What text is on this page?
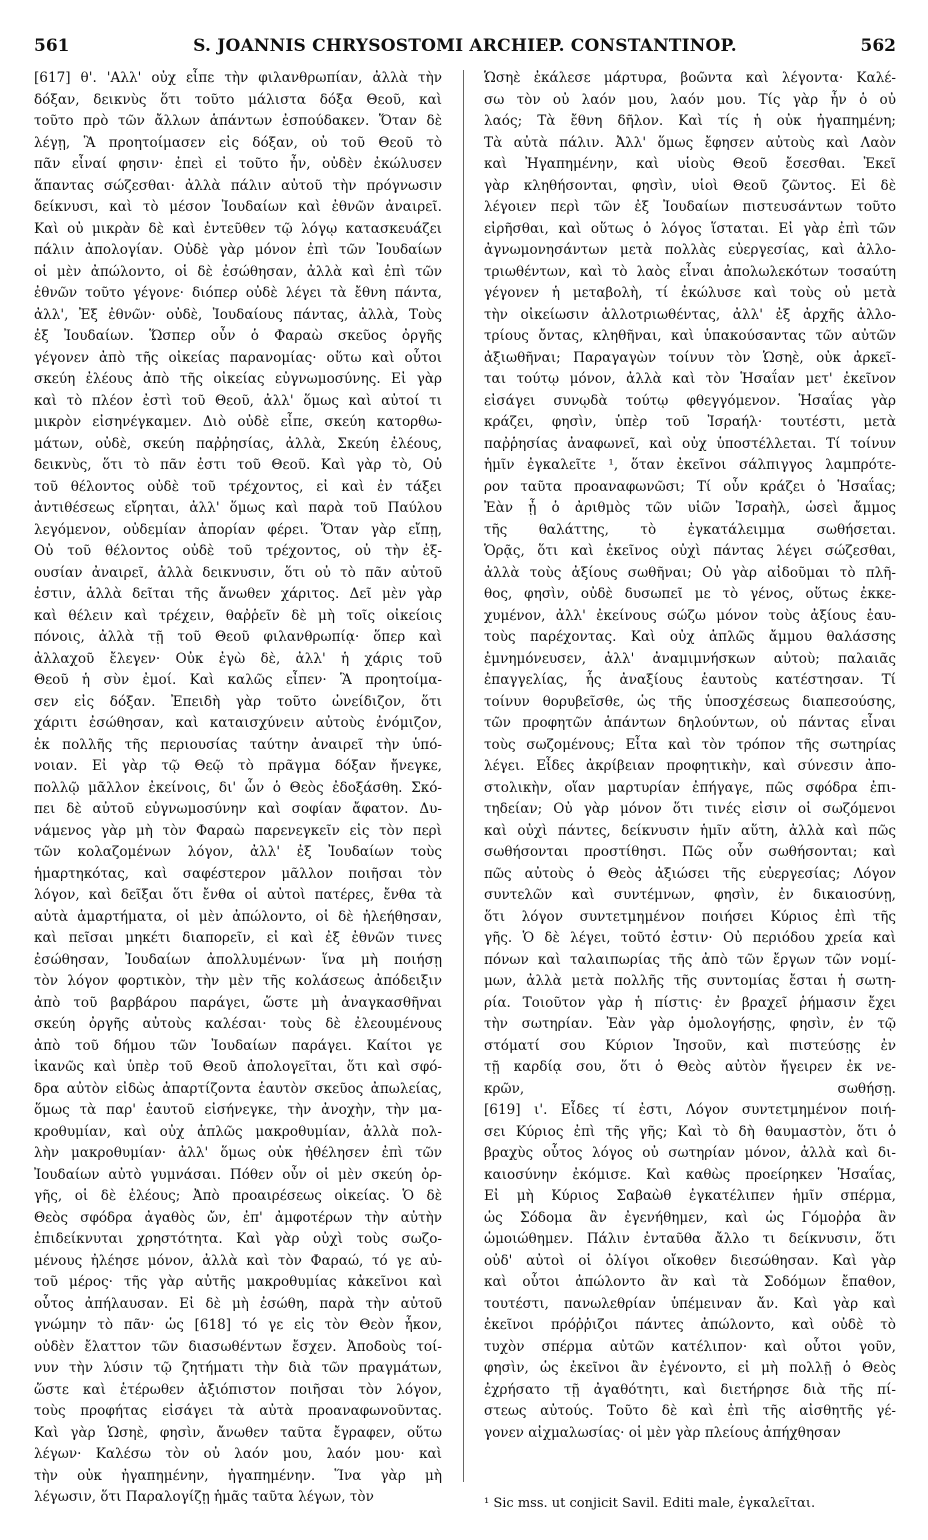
561	S. JOANNIS CHRYSOSTOMI ARCHIEP. CONSTANTINOP.	562
[617] θ'. 'Αλλ' οὐχ εἶπε τὴν φιλανθρωπίαν, ἀλλὰ τὴν
δόξαν, δεικνὺς ὅτι τοῦτο μάλιστα δόξα Θεοῦ, καὶ
τοῦτο πρὸ τῶν ἄλλων ἁπάντων ἐσπούδακεν. Ὅταν δὲ
λέγῃ, Ἃ προητοίμασεν εἰς δόξαν, οὐ τοῦ Θεοῦ τὸ
πᾶν εἶναί φησιν· ἐπεὶ εἰ τοῦτο ἦν, οὐδὲν ἐκώλυσεν
ἅπαντας σώζεσθαι· ἀλλὰ πάλιν αὐτοῦ τὴν πρόγνωσιν
δείκνυσι, καὶ τὸ μέσον Ἰουδαίων καὶ ἐθνῶν ἀναιρεῖ.
Καὶ οὐ μικρὰν δὲ καὶ ἐντεῦθεν τῷ λόγῳ κατασκευάζει
πάλιν ἀπολογίαν. Οὐδὲ γὰρ μόνον ἐπὶ τῶν Ἰουδαίων
οἱ μὲν ἀπώλοντο, οἱ δὲ ἐσώθησαν, ἀλλὰ καὶ ἐπὶ τῶν
ἐθνῶν τοῦτο γέγονε· διόπερ οὐδὲ λέγει τὰ ἔθνη πάντα,
ἀλλ', Ἐξ ἐθνῶν· οὐδὲ, Ἰουδαίους πάντας, ἀλλὰ, Τοὺς
ἐξ Ἰουδαίων. Ὥσπερ οὖν ὁ Φαραὼ σκεῦος ὀργῆς
γέγονεν ἀπὸ τῆς οἰκείας παρανομίας· οὕτω καὶ οὗτοι
σκεύη ἐλέους ἀπὸ τῆς οἰκείας εὐγνωμοσύνης. Εἰ γὰρ
καὶ τὸ πλέον ἐστὶ τοῦ Θεοῦ, ἀλλ' ὅμως καὶ αὐτοί τι
μικρὸν εἰσηνέγκαμεν. Διὸ οὐδὲ εἶπε, σκεύη κατορθω-
μάτων, οὐδὲ, σκεύη παῤῥησίας, ἀλλὰ, Σκεύη ἐλέους,
δεικνὺς, ὅτι τὸ πᾶν ἐστι τοῦ Θεοῦ. Καὶ γὰρ τὸ, Οὐ
τοῦ θέλοντος οὐδὲ τοῦ τρέχοντος, εἰ καὶ ἐν τάξει
ἀντιθέσεως εἴρηται, ἀλλ' ὅμως καὶ παρὰ τοῦ Παύλου
λεγόμενον, οὐδεμίαν ἀπορίαν φέρει. Ὅταν γὰρ εἴπῃ,
Οὐ τοῦ θέλοντος οὐδὲ τοῦ τρέχοντος, οὐ τὴν ἐξ-
ουσίαν ἀναιρεῖ, ἀλλὰ δεικνυσιν, ὅτι οὐ τὸ πᾶν αὐτοῦ
ἐστιν, ἀλλὰ δεῖται τῆς ἄνωθεν χάριτος. Δεῖ μὲν γὰρ
καὶ θέλειν καὶ τρέχειν, θαῤῥεῖν δὲ μὴ τοῖς οἰκείοις
πόνοις, ἀλλὰ τῇ τοῦ Θεοῦ φιλανθρωπίᾳ· ὅπερ καὶ
ἀλλαχοῦ ἔλεγεν· Οὐκ ἐγὼ δὲ, ἀλλ' ἡ χάρις τοῦ
Θεοῦ ἡ σὺν ἐμοί. Καὶ καλῶς εἶπεν· Ἃ προητοίμα-
σεν εἰς δόξαν. Ἐπειδὴ γὰρ τοῦτο ὠνείδιζον, ὅτι
χάριτι ἐσώθησαν, καὶ καταισχύνειν αὐτοὺς ἐνόμιζον,
ἐκ πολλῆς τῆς περιουσίας ταύτην ἀναιρεῖ τὴν ὑπό-
νοιαν. Εἰ γὰρ τῷ Θεῷ τὸ πρᾶγμα δόξαν ἤνεγκε,
πολλῷ μᾶλλον ἐκείνοις, δι' ὧν ὁ Θεὸς ἐδοξάσθη. Σκό-
πει δὲ αὐτοῦ εὐγνωμοσύνην καὶ σοφίαν ἄφατον. Δυ-
νάμενος γὰρ μὴ τὸν Φαραὼ παρενεγκεῖν εἰς τὸν περὶ
τῶν κολαζομένων λόγον, ἀλλ' ἐξ Ἰουδαίων τοὺς
ἡμαρτηκότας, καὶ σαφέστερον μᾶλλον ποιῆσαι τὸν
λόγον, καὶ δεῖξαι ὅτι ἔνθα οἱ αὐτοὶ πατέρες, ἔνθα τὰ
αὐτὰ ἁμαρτήματα, οἱ μὲν ἀπώλοντο, οἱ δὲ ἠλεήθησαν,
καὶ πεῖσαι μηκέτι διαπορεῖν, εἰ καὶ ἐξ ἐθνῶν τινες
ἐσώθησαν, Ἰουδαίων ἀπολλυμένων· ἵνα μὴ ποιήσῃ
τὸν λόγον φορτικὸν, τὴν μὲν τῆς κολάσεως ἀπόδειξιν
ἀπὸ τοῦ βαρβάρου παράγει, ὥστε μὴ ἀναγκασθῆναι
σκεύη ὀργῆς αὐτοὺς καλέσαι· τοὺς δὲ ἐλεουμένους
ἀπὸ τοῦ δήμου τῶν Ἰουδαίων παράγει. Καίτοι γε
ἱκανῶς καὶ ὑπὲρ τοῦ Θεοῦ ἀπολογεῖται, ὅτι καὶ σφό-
δρα αὐτὸν εἰδὼς ἀπαρτίζοντα ἑαυτὸν σκεῦος ἀπωλείας,
ὅμως τὰ παρ' ἑαυτοῦ εἰσήνεγκε, τὴν ἀνοχὴν, τὴν μα-
κροθυμίαν, καὶ οὐχ ἁπλῶς μακροθυμίαν, ἀλλὰ πολ-
λὴν μακροθυμίαν· ἀλλ' ὅμως οὐκ ἠθέλησεν ἐπὶ τῶν
Ἰουδαίων αὐτὸ γυμνάσαι. Πόθεν οὖν οἱ μὲν σκεύη ὀρ-
γῆς, οἱ δὲ ἐλέους; Ἀπὸ προαιρέσεως οἰκείας. Ὁ δὲ
Θεὸς σφόδρα ἀγαθὸς ὤν, ἐπ' ἀμφοτέρων τὴν αὐτὴν
ἐπιδείκνυται χρηστότητα. Καὶ γὰρ οὐχὶ τοὺς σωζο-
μένους ἠλέησε μόνον, ἀλλὰ καὶ τὸν Φαραώ, τό γε αὐ-
τοῦ μέρος· τῆς γὰρ αὐτῆς μακροθυμίας κἀκεῖνοι καὶ
οὗτος ἀπήλαυσαν. Εἰ δὲ μὴ ἐσώθη, παρὰ τὴν αὐτοῦ
γνώμην τὸ πᾶν· ὡς [618] τό γε εἰς τὸν Θεὸν ἧκον,
οὐδὲν ἔλαττον τῶν διασωθέντων ἔσχεν. Ἀποδοὺς τοί-
νυν τὴν λύσιν τῷ ζητήματι τὴν διὰ τῶν πραγμάτων,
ὥστε καὶ ἑτέρωθεν ἀξιόπιστον ποιῆσαι τὸν λόγον,
τοὺς προφήτας εἰσάγει τὰ αὐτὰ προαναφωνοῦντας.
Καὶ γὰρ Ὡσηὲ, φησὶν, ἄνωθεν ταῦτα ἔγραφεν, οὕτω
λέγων· Καλέσω τὸν οὐ λαόν μου, λαόν μου· καὶ
τὴν οὐκ ἠγαπημένην, ἠγαπημένην. Ἵνα γὰρ μὴ
λέγωσιν, ὅτι Παραλογίζῃ ἡμᾶς ταῦτα λέγων, τὸν
Ὡσηὲ ἐκάλεσε μάρτυρα, βοῶντα καὶ λέγοντα· Καλέ-
σω τὸν οὐ λαόν μου, λαόν μου. Τίς γὰρ ἦν ὁ οὐ
λαός; Τὰ ἔθνη δῆλον. Καὶ τίς ἡ οὐκ ἠγαπημένη;
Τὰ αὐτὰ πάλιν. Ἀλλ' ὅμως ἔφησεν αὐτοὺς καὶ Λαὸν
καὶ Ἠγαπημένην, καὶ υἱοὺς Θεοῦ ἔσεσθαι. Ἐκεῖ
γὰρ κληθήσονται, φησὶν, υἱοὶ Θεοῦ ζῶντος. Εἰ δὲ
λέγοιεν περὶ τῶν ἐξ Ἰουδαίων πιστευσάντων τοῦτο
εἰρῆσθαι, καὶ οὕτως ὁ λόγος ἵσταται. Εἰ γὰρ ἐπὶ τῶν
ἀγνωμονησάντων μετὰ πολλὰς εὐεργεσίας, καὶ ἀλλο-
τριωθέντων, καὶ τὸ λαὸς εἶναι ἀπολωλεκότων τοσαύτη
γέγονεν ἡ μεταβολὴ, τί ἐκώλυσε καὶ τοὺς οὐ μετὰ
τὴν οἰκείωσιν ἀλλοτριωθέντας, ἀλλ' ἐξ ἀρχῆς ἀλλο-
τρίους ὄντας, κληθῆναι, καὶ ὑπακούσαντας τῶν αὐτῶν
ἀξιωθῆναι; Παραγαγὼν τοίνυν τὸν Ὡσηὲ, οὐκ ἀρκεῖ-
ται τούτῳ μόνον, ἀλλὰ καὶ τὸν Ἡσαΐαν μετ' ἐκεῖνον
εἰσάγει συνῳδὰ τούτῳ φθεγγόμενον. Ἡσαΐας γὰρ
κράζει, φησὶν, ὑπὲρ τοῦ Ἰσραήλ· τουτέστι, μετὰ
παῤῥησίας ἀναφωνεῖ, καὶ οὐχ ὑποστέλλεται. Τί τοίνυν
ἡμῖν ἐγκαλεῖτε ¹, ὅταν ἐκεῖνοι σάλπιγγος λαμπρότε-
ρον ταῦτα προαναφωνῶσι; Τί οὖν κράζει ὁ Ἡσαΐας;
Ἐὰν ᾖ ὁ ἀριθμὸς τῶν υἱῶν Ἰσραὴλ, ὡσεὶ ἄμμος
τῆς θαλάττης, τὸ ἐγκατάλειμμα σωθήσεται.
Ὁρᾷς, ὅτι καὶ ἐκεῖνος οὐχὶ πάντας λέγει σώζεσθαι,
ἀλλὰ τοὺς ἀξίους σωθῆναι; Οὐ γὰρ αἰδοῦμαι τὸ πλῆ-
θος, φησὶν, οὐδὲ δυσωπεῖ με τὸ γένος, οὕτως ἐκκε-
χυμένον, ἀλλ' ἐκείνους σώζω μόνον τοὺς ἀξίους ἑαυ-
τοὺς παρέχοντας. Καὶ οὐχ ἁπλῶς ἄμμου θαλάσσης
ἐμνημόνευσεν, ἀλλ' ἀναμιμνήσκων αὐτοὺ; παλαιᾶς
ἐπαγγελίας, ἧς ἀναξίους ἑαυτοὺς κατέστησαν. Τί
τοίνυν θορυβεῖσθε, ὡς τῆς ὑποσχέσεως διαπεσούσης,
τῶν προφητῶν ἁπάντων δηλούντων, οὐ πάντας εἶναι
τοὺς σωζομένους; Εἶτα καὶ τὸν τρόπον τῆς σωτηρίας
λέγει. Εἶδες ἀκρίβειαν προφητικὴν, καὶ σύνεσιν ἀπο-
στολικὴν, οἵαν μαρτυρίαν ἐπήγαγε, πῶς σφόδρα ἐπι-
τηδείαν; Οὐ γὰρ μόνον ὅτι τινές εἰσιν οἱ σωζόμενοι
καὶ οὐχὶ πάντες, δείκνυσιν ἡμῖν αὕτη, ἀλλὰ καὶ πῶς
σωθήσονται προστίθησι. Πῶς οὖν σωθήσονται; καὶ
πῶς αὐτοὺς ὁ Θεὸς ἀξιώσει τῆς εὐεργεσίας; Λόγον
συντελῶν καὶ συντέμνων, φησὶν, ἐν δικαιοσύνῃ,
ὅτι λόγον συντετμημένον ποιήσει Κύριος ἐπὶ τῆς
γῆς. Ὁ δὲ λέγει, τοῦτό ἐστιν· Οὐ περιόδου χρεία καὶ
πόνων καὶ ταλαιπωρίας τῆς ἀπὸ τῶν ἔργων τῶν νομί-
μων, ἀλλὰ μετὰ πολλῆς τῆς συντομίας ἔσται ἡ σωτη-
ρία. Τοιοῦτον γὰρ ἡ πίστις· ἐν βραχεῖ ῥήμασιν ἔχει
τὴν σωτηρίαν. Ἐὰν γὰρ ὁμολογήσῃς, φησὶν, ἐν τῷ
στόματί σου Κύριον Ἰησοῦν, καὶ πιστεύσῃς ἐν
τῇ καρδίᾳ σου, ὅτι ὁ Θεὸς αὐτὸν ἤγειρεν ἐκ νε-
κρῶν, σωθήσῃ.
[619] ι'. Εἶδες τί ἐστι, Λόγον συντετμημένον ποιή-
σει Κύριος ἐπὶ τῆς γῆς; Καὶ τὸ δὴ θαυμαστὸν, ὅτι ὁ
βραχὺς οὗτος λόγος οὐ σωτηρίαν μόνον, ἀλλὰ καὶ δι-
καιοσύνην ἐκόμισε. Καὶ καθὼς προείρηκεν Ἡσαΐας,
Εἰ μὴ Κύριος Σαβαὼθ ἐγκατέλιπεν ἡμῖν σπέρμα,
ὡς Σόδομα ἂν ἐγενήθημεν, καὶ ὡς Γόμοῤῥα ἂν
ὡμοιώθημεν. Πάλιν ἐνταῦθα ἄλλο τι δείκνυσιν, ὅτι
οὐδ' αὐτοὶ οἱ ὀλίγοι οἴκοθεν διεσώθησαν. Καὶ γὰρ
καὶ οὗτοι ἀπώλοντο ἂν καὶ τὰ Σοδόμων ἔπαθον,
τουτέστι, πανωλεθρίαν ὑπέμειναν ἄν. Καὶ γὰρ καὶ
ἐκεῖνοι πρόῤῥιζοι πάντες ἀπώλοντο, καὶ οὐδὲ τὸ
τυχὸν σπέρμα αὐτῶν κατέλιπον· καὶ οὗτοι γοῦν,
φησὶν, ὡς ἐκεῖνοι ἂν ἐγένοντο, εἰ μὴ πολλῇ ὁ Θεὸς
ἐχρήσατο τῇ ἀγαθότητι, καὶ διετήρησε διὰ τῆς πί-
στεως αὐτούς. Τοῦτο δὲ καὶ ἐπὶ τῆς αἰσθητῆς γέ-
γονεν αἰχμαλωσίας· οἱ μὲν γὰρ πλείους ἀπήχθησαν
¹ Sic mss. ut conjicit Savil. Editi male, ἐγκαλεῖται.
